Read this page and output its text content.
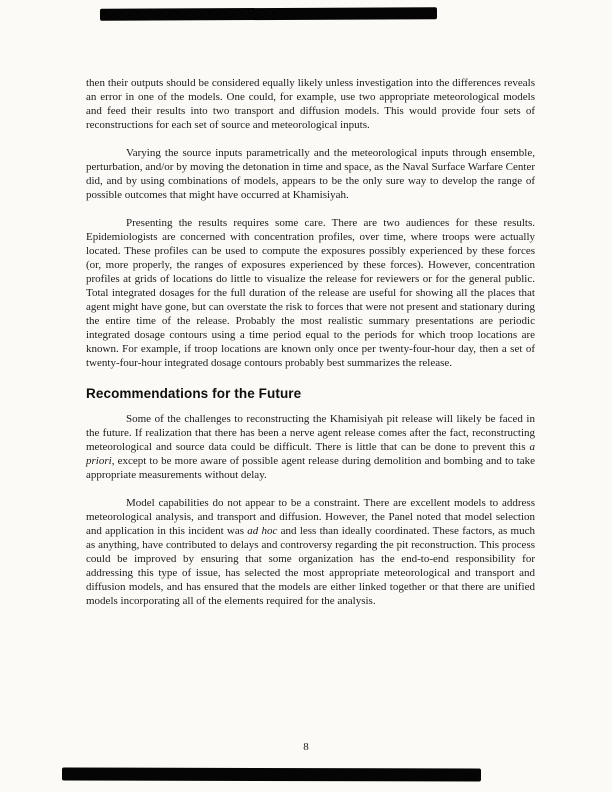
then their outputs should be considered equally likely unless investigation into the differences reveals an error in one of the models. One could, for example, use two appropriate meteorological models and feed their results into two transport and diffusion models. This would provide four sets of reconstructions for each set of source and meteorological inputs.

Varying the source inputs parametrically and the meteorological inputs through ensemble, perturbation, and/or by moving the detonation in time and space, as the Naval Surface Warfare Center did, and by using combinations of models, appears to be the only sure way to develop the range of possible outcomes that might have occurred at Khamisiyah.

Presenting the results requires some care. There are two audiences for these results. Epidemiologists are concerned with concentration profiles, over time, where troops were actually located. These profiles can be used to compute the exposures possibly experienced by these forces (or, more properly, the ranges of exposures experienced by these forces). However, concentration profiles at grids of locations do little to visualize the release for reviewers or for the general public. Total integrated dosages for the full duration of the release are useful for showing all the places that agent might have gone, but can overstate the risk to forces that were not present and stationary during the entire time of the release. Probably the most realistic summary presentations are periodic integrated dosage contours using a time period equal to the periods for which troop locations are known. For example, if troop locations are known only once per twenty-four-hour day, then a set of twenty-four-hour integrated dosage contours probably best summarizes the release.

Recommendations for the Future

Some of the challenges to reconstructing the Khamisiyah pit release will likely be faced in the future. If realization that there has been a nerve agent release comes after the fact, reconstructing meteorological and source data could be difficult. There is little that can be done to prevent this a priori, except to be more aware of possible agent release during demolition and bombing and to take appropriate measurements without delay.

Model capabilities do not appear to be a constraint. There are excellent models to address meteorological analysis, and transport and diffusion. However, the Panel noted that model selection and application in this incident was ad hoc and less than ideally coordinated. These factors, as much as anything, have contributed to delays and controversy regarding the pit reconstruction. This process could be improved by ensuring that some organization has the end-to-end responsibility for addressing this type of issue, has selected the most appropriate meteorological and transport and diffusion models, and has ensured that the models are either linked together or that there are unified models incorporating all of the elements required for the analysis.

8
